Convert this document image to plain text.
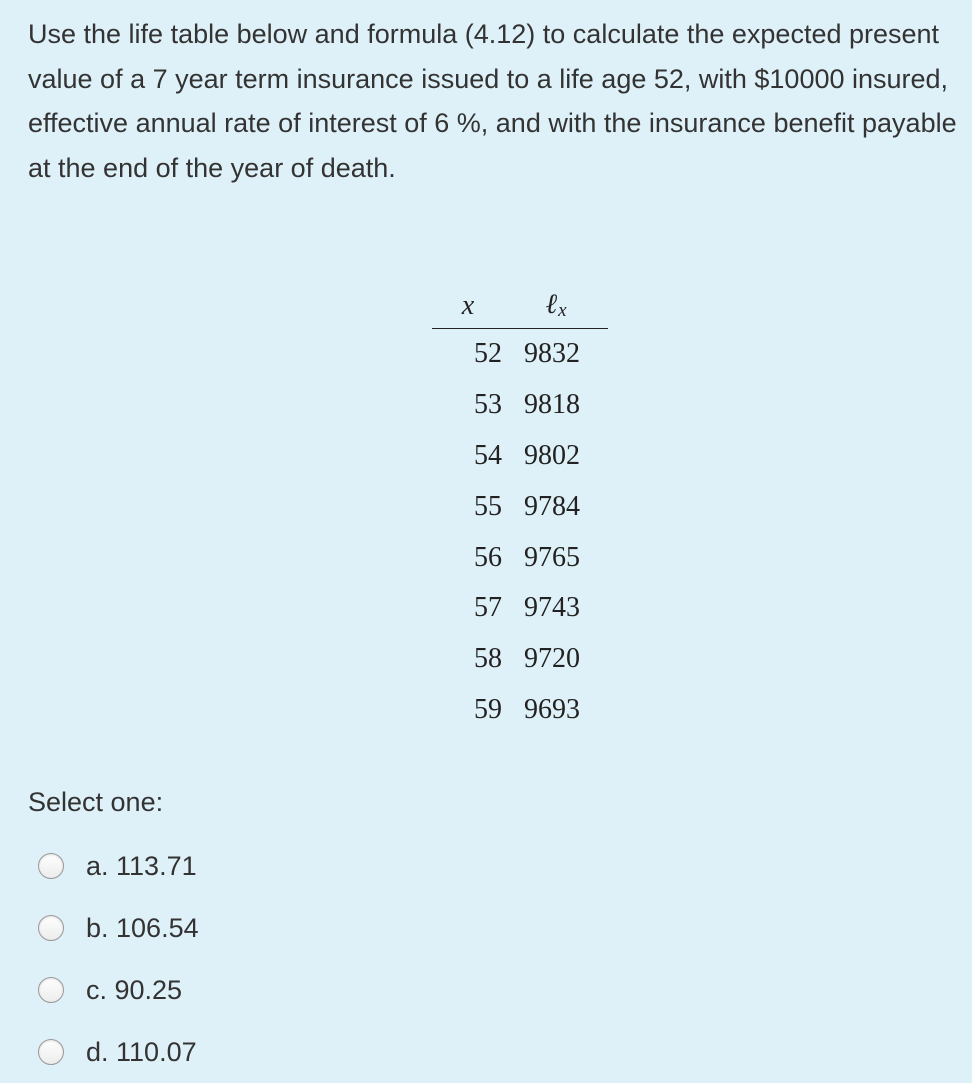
Use the life table below and formula (4.12) to calculate the expected present value of a 7 year term insurance issued to a life age 52, with $10000 insured, effective annual rate of interest of 6 %, and with the insurance benefit payable at the end of the year of death.

x	ℓ$_x$
52 9832
53 9818
54 9802
55 9784
56 9765
57 9743
58 9720
59 9693
Select one:
a. 113.71
b. 106.54
c. 90.25
d. 110.07
